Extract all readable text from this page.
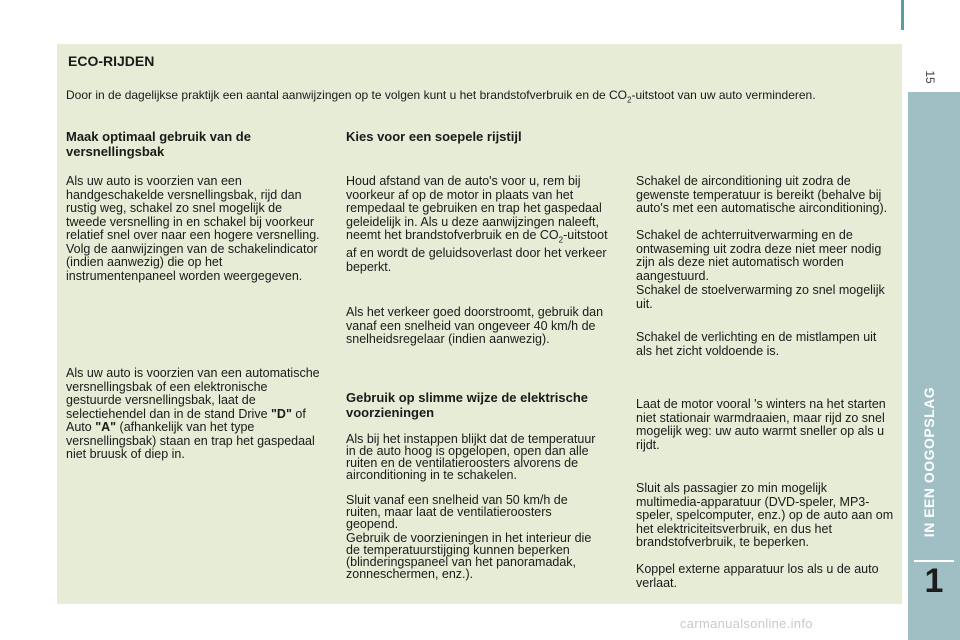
15
IN EEN OOGOPSLAG
1
ECO-RIJDEN

Door in de dagelijkse praktijk een aantal aanwijzingen op te volgen kunt u het brandstofverbruik en de $CO_2$-uitstoot van uw auto verminderen.

Maak optimaal gebruik van de versnellingsbak

Als uw auto is voorzien van een handgeschakelde versnellingsbak, rijd dan rustig weg, schakel zo snel mogelijk de tweede versnelling in en schakel bij voorkeur relatief snel over naar een hogere versnelling. Volg de aanwijzingen van de schakelindicator (indien aanwezig) die op het instrumentenpaneel worden weergegeven.

Als uw auto is voorzien van een automatische versnellingsbak of een elektronische gestuurde versnellingsbak, laat de selectiehendel dan in de stand Drive "D" of Auto "A" (afhankelijk van het type versnellingsbak) staan en trap het gaspedaal niet bruusk of diep in.

Kies voor een soepele rijstijl

Houd afstand van de auto's voor u, rem bij voorkeur af op de motor in plaats van het rempedaal te gebruiken en trap het gaspedaal geleidelijk in. Als u deze aanwijzingen naleeft, neemt het brandstofverbruik en de $CO_2$-uitstoot af en wordt de geluidsoverlast door het verkeer beperkt.

Als het verkeer goed doorstroomt, gebruik dan vanaf een snelheid van ongeveer 40 km/h de snelheidsregelaar (indien aanwezig).

Gebruik op slimme wijze de elektrische voorzieningen

Als bij het instappen blijkt dat de temperatuur in de auto hoog is opgelopen, open dan alle ruiten en de ventilatieroosters alvorens de airconditioning in te schakelen.

Sluit vanaf een snelheid van 50 km/h de ruiten, maar laat de ventilatieroosters geopend.

Gebruik de voorzieningen in het interieur die de temperatuurstijging kunnen beperken (blinderingspaneel van het panoramadak, zonneschermen, enz.).

Schakel de airconditioning uit zodra de gewenste temperatuur is bereikt (behalve bij auto's met een automatische airconditioning).

Schakel de achterruitverwarming en de ontwaseming uit zodra deze niet meer nodig zijn als deze niet automatisch worden aangestuurd.

Schakel de stoelverwarming zo snel mogelijk uit.

Schakel de verlichting en de mistlampen uit als het zicht voldoende is.

Laat de motor vooral 's winters na het starten niet stationair warmdraaien, maar rijd zo snel mogelijk weg: uw auto warmt sneller op als u rijdt.

Sluit als passagier zo min mogelijk multimedia-apparatuur (DVD-speler, MP3-speler, spelcomputer, enz.) op de auto aan om het elektriciteitsverbruik, en dus het brandstofverbruik, te beperken.

Koppel externe apparatuur los als u de auto verlaat.

carmanualsonline.info
